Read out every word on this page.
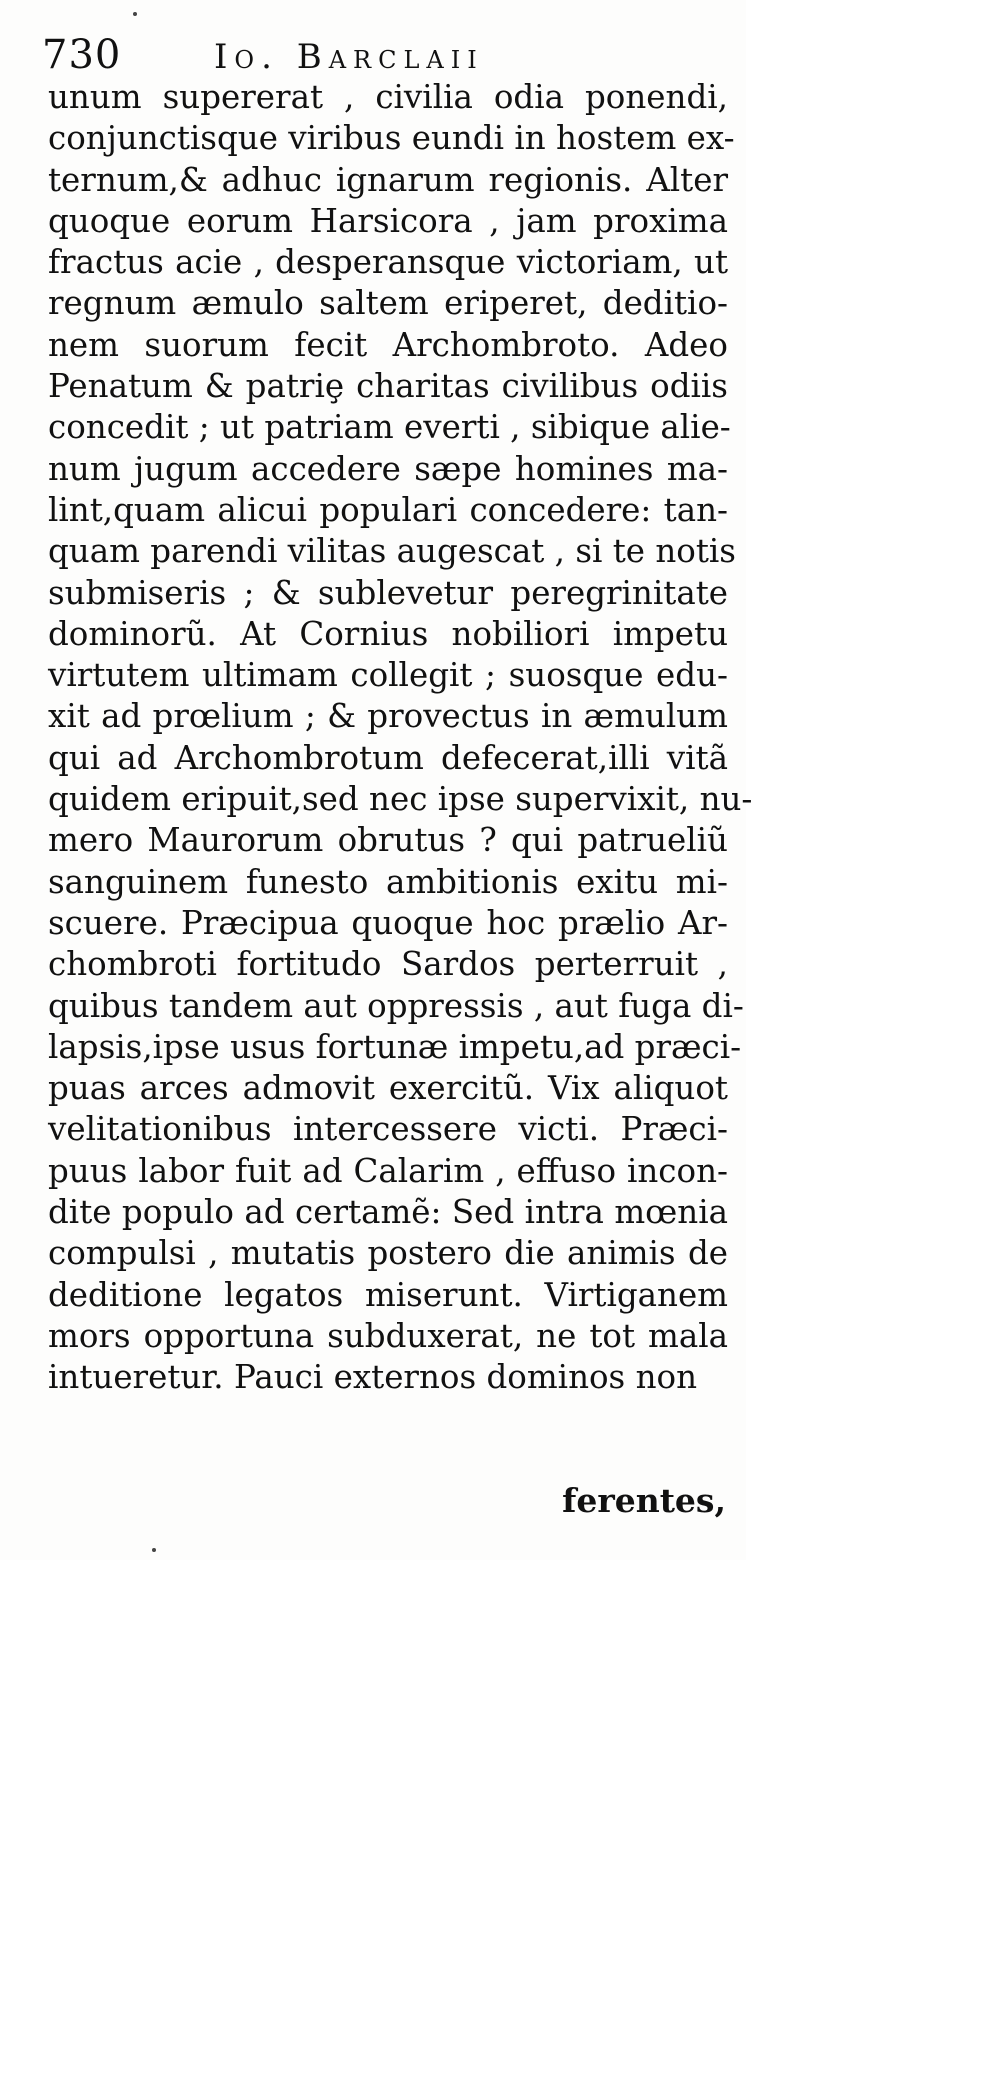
730	Io. Barclaii
unum supererat , civilia odia ponendi,
conjunctisque viribus eundi in hostem ex-
ternum,& adhuc ignarum regionis. Alter
quoque eorum Harsicora , jam proxima
fractus acie , desperansque victoriam, ut
regnum æmulo saltem eriperet, deditio-
nem suorum fecit Archombroto. Adeo
Penatum & patriȩ charitas civilibus odiis
concedit ; ut patriam everti , sibique alie-
num jugum accedere sæpe homines ma-
lint,quam alicui populari concedere: tan-
quam parendi vilitas augescat , si te notis
submiseris ; & sublevetur peregrinitate
dominorũ. At Cornius nobiliori impetu
virtutem ultimam collegit ; suosque edu-
xit ad prœlium ; & provectus in æmulum
qui ad Archombrotum defecerat,illi vitã
quidem eripuit,sed nec ipse supervixit, nu-
mero Maurorum obrutus ? qui patrueliũ
sanguinem funesto ambitionis exitu mi-
scuere. Præcipua quoque hoc prælio Ar-
chombroti fortitudo Sardos perterruit ,
quibus tandem aut oppressis , aut fuga di-
lapsis,ipse usus fortunæ impetu,ad præci-
puas arces admovit exercitũ. Vix aliquot
velitationibus intercessere victi. Præci-
puus labor fuit ad Calarim , effuso incon-
dite populo ad certamẽ: Sed intra mœnia
compulsi , mutatis postero die animis de
deditione legatos miserunt. Virtiganem
mors opportuna subduxerat, ne tot mala
intueretur. Pauci externos dominos non
ferentes,
